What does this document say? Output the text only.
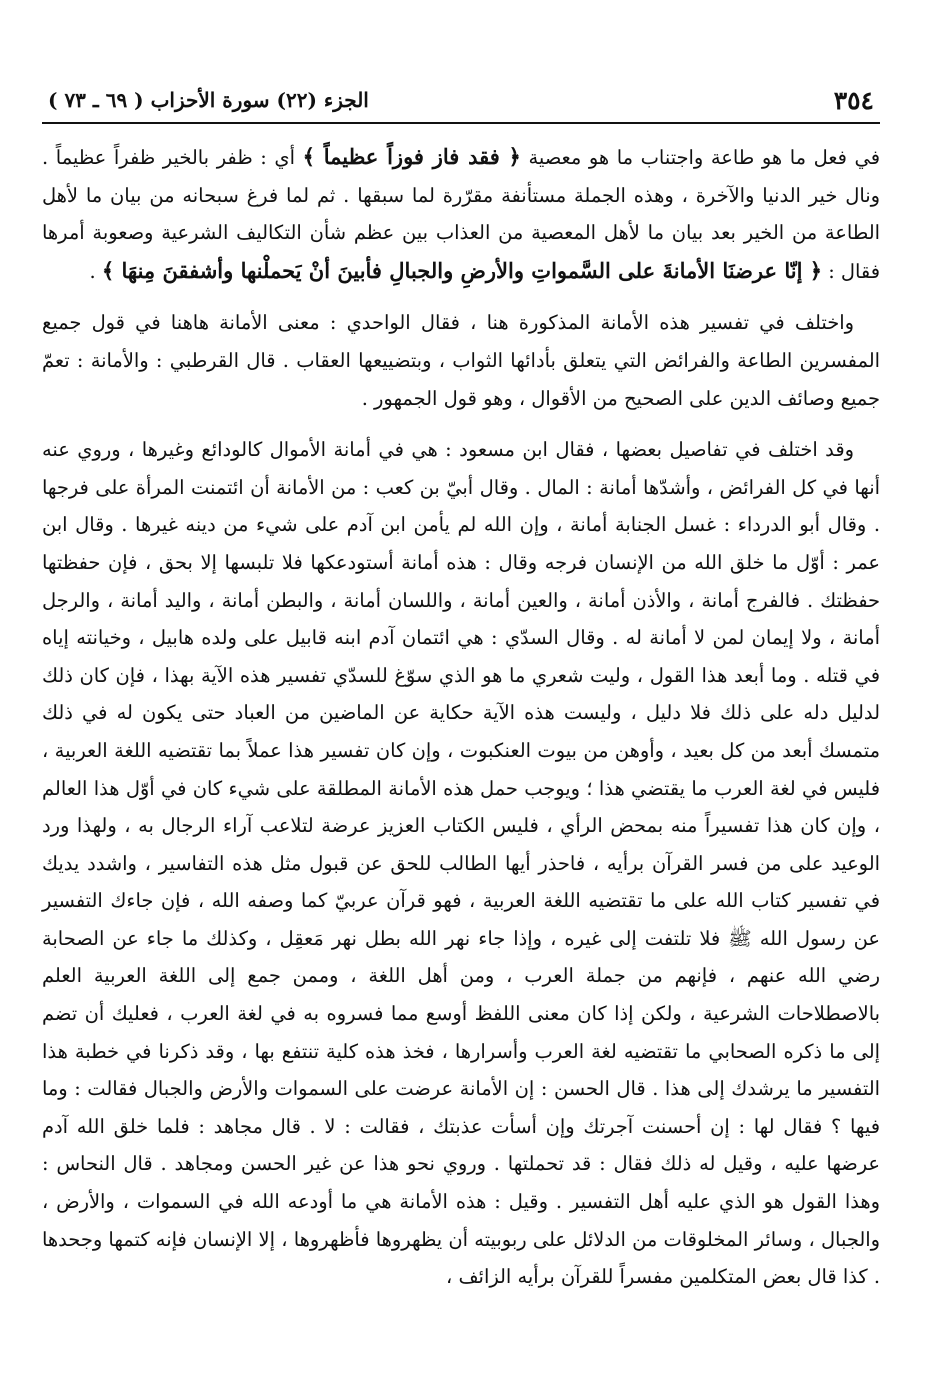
٣٥٤
الجزء (٢٢) سورة الأحزاب ( ٦٩ ـ ٧٣ )

في فعل ما هو طاعة واجتناب ما هو معصية ﴿ فقد فاز فوزاً عظيماً ﴾ أي : ظفر بالخير ظفراً عظيماً . ونال خير الدنيا والآخرة ، وهذه الجملة مستأنفة مقرّرة لما سبقها . ثم لما فرغ سبحانه من بيان ما لأهل الطاعة من الخير بعد بيان ما لأهل المعصية من العذاب بين عظم شأن التكاليف الشرعية وصعوبة أمرها فقال : ﴿ إنّا عرضنَا الأمانةَ على السَّمواتِ والأرضِ والجبالِ فأبينَ أنْ يَحملْنها وأشفقنَ مِنهَا ﴾ .

واختلف في تفسير هذه الأمانة المذكورة هنا ، فقال الواحدي : معنى الأمانة هاهنا في قول جميع المفسرين الطاعة والفرائض التي يتعلق بأدائها الثواب ، وبتضييعها العقاب . قال القرطبي : والأمانة : تعمّ جميع وصائف الدين على الصحيح من الأقوال ، وهو قول الجمهور .

وقد اختلف في تفاصيل بعضها ، فقال ابن مسعود : هي في أمانة الأموال كالودائع وغيرها ، وروي عنه أنها في كل الفرائض ، وأشدّها أمانة : المال . وقال أبيّ بن كعب : من الأمانة أن ائتمنت المرأة على فرجها . وقال أبو الدرداء : غسل الجنابة أمانة ، وإن الله لم يأمن ابن آدم على شيء من دينه غيرها . وقال ابن عمر : أوّل ما خلق الله من الإنسان فرجه وقال : هذه أمانة أستودعكها فلا تلبسها إلا بحق ، فإن حفظتها حفظتك . فالفرج أمانة ، والأذن أمانة ، والعين أمانة ، واللسان أمانة ، والبطن أمانة ، واليد أمانة ، والرجل أمانة ، ولا إيمان لمن لا أمانة له . وقال السدّي : هي ائتمان آدم ابنه قابيل على ولده هابيل ، وخيانته إياه في قتله . وما أبعد هذا القول ، وليت شعري ما هو الذي سوّغ للسدّي تفسير هذه الآية بهذا ، فإن كان ذلك لدليل دله على ذلك فلا دليل ، وليست هذه الآية حكاية عن الماضين من العباد حتى يكون له في ذلك متمسك أبعد من كل بعيد ، وأوهن من بيوت العنكبوت ، وإن كان تفسير هذا عملاً بما تقتضيه اللغة العربية ، فليس في لغة العرب ما يقتضي هذا ؛ ويوجب حمل هذه الأمانة المطلقة على شيء كان في أوّل هذا العالم ، وإن كان هذا تفسيراً منه بمحض الرأي ، فليس الكتاب العزيز عرضة لتلاعب آراء الرجال به ، ولهذا ورد الوعيد على من فسر القرآن برأيه ، فاحذر أيها الطالب للحق عن قبول مثل هذه التفاسير ، واشدد يديك في تفسير كتاب الله على ما تقتضيه اللغة العربية ، فهو قرآن عربيّ كما وصفه الله ، فإن جاءك التفسير عن رسول الله ﷺ فلا تلتفت إلى غيره ، وإذا جاء نهر الله بطل نهر مَعقِل ، وكذلك ما جاء عن الصحابة رضي الله عنهم ، فإنهم من جملة العرب ، ومن أهل اللغة ، وممن جمع إلى اللغة العربية العلم بالاصطلاحات الشرعية ، ولكن إذا كان معنى اللفظ أوسع مما فسروه به في لغة العرب ، فعليك أن تضم إلى ما ذكره الصحابي ما تقتضيه لغة العرب وأسرارها ، فخذ هذه كلية تنتفع بها ، وقد ذكرنا في خطبة هذا التفسير ما يرشدك إلى هذا . قال الحسن : إن الأمانة عرضت على السموات والأرض والجبال فقالت : وما فيها ؟ فقال لها : إن أحسنت آجرتك وإن أسأت عذبتك ، فقالت : لا . قال مجاهد : فلما خلق الله آدم عرضها عليه ، وقيل له ذلك فقال : قد تحملتها . وروي نحو هذا عن غير الحسن ومجاهد . قال النحاس : وهذا القول هو الذي عليه أهل التفسير . وقيل : هذه الأمانة هي ما أودعه الله في السموات ، والأرض ، والجبال ، وسائر المخلوقات من الدلائل على ربوبيته أن يظهروها فأظهروها ، إلا الإنسان فإنه كتمها وجحدها . كذا قال بعض المتكلمين مفسراً للقرآن برأيه الزائف ،
